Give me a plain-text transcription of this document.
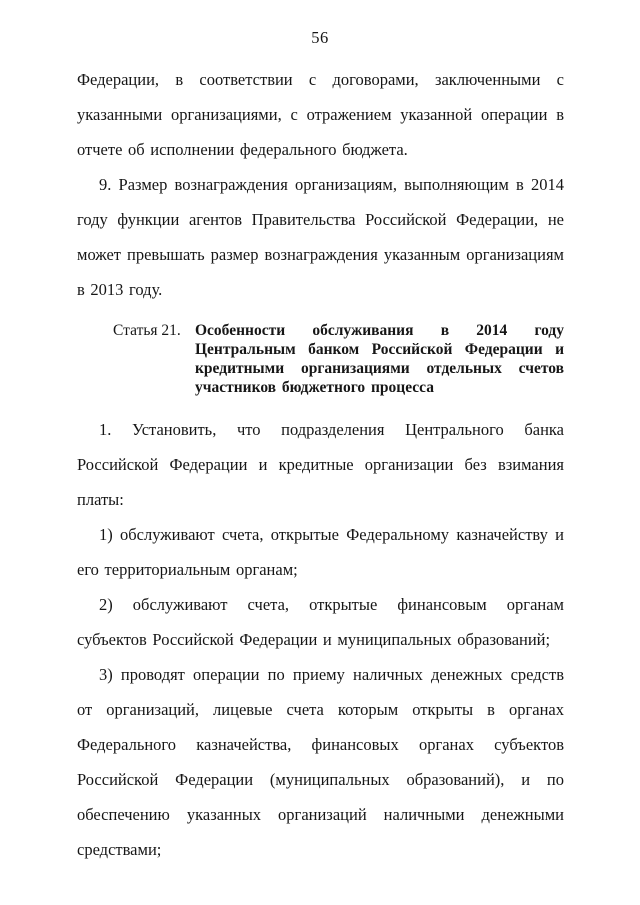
56

Федерации, в соответствии с договорами, заключенными с указанными организациями, с отражением указанной операции в отчете об исполнении федерального бюджета.

9. Размер вознаграждения организациям, выполняющим в 2014 году функции агентов Правительства Российской Федерации, не может превышать размер вознаграждения указанным организациям в 2013 году.

Статья 21. Особенности обслуживания в 2014 году Центральным банком Российской Федерации и кредитными организациями отдельных счетов участников бюджетного процесса

1. Установить, что подразделения Центрального банка Российской Федерации и кредитные организации без взимания платы:

1) обслуживают счета, открытые Федеральному казначейству и его территориальным органам;

2) обслуживают счета, открытые финансовым органам субъектов Российской Федерации и муниципальных образований;

3) проводят операции по приему наличных денежных средств от организаций, лицевые счета которым открыты в органах Федерального казначейства, финансовых органах субъектов Российской Федерации (муниципальных образований), и по обеспечению указанных организаций наличными денежными средствами;
